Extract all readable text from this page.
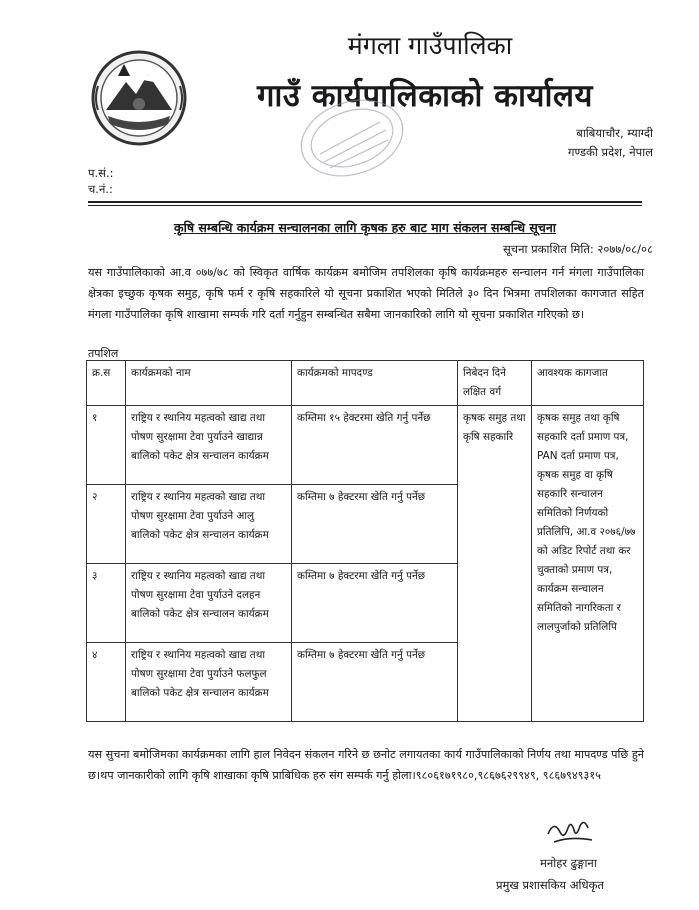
मंगला गाउँपालिका
गाउँ कार्यपालिकाको कार्यालय
बाबियाचौर, म्याग्दी
गण्डकी प्रदेश, नेपाल
प.सं.:
च.नं.:
कृषि सम्बन्धि कार्यक्रम सन्चालनका लागि कृषक हरु बाट माग संकलन सम्बन्धि सूचना
सूचना प्रकाशित मिति: २०७७/०८/०८
यस गाउँपालिकाको आ.व ०७७/७८ को स्विकृत वार्षिक कार्यक्रम बमोजिम तपशिलका कृषि कार्यक्रमहरु सन्चालन गर्न मंगला गाउँपालिका क्षेत्रका इच्छुक कृषक समुह, कृषि फर्म र कृषि सहकारिले यो सूचना प्रकाशित भएको मितिले ३० दिन भित्रमा तपशिलका कागजात सहित मंगला गाउँपालिका कृषि शाखामा सम्पर्क गरि दर्ता गर्नुहुन सम्बन्धित सबैमा जानकारिको लागि यो सूचना प्रकाशित गरिएको छ।
तपशिल
क्र.स	कार्यक्रमको नाम	कार्यक्रमको मापदण्ड	निबेदन दिने लक्षित वर्ग	आवश्यक कागजात
१	राष्ट्रिय र स्थानिय महत्वको खाद्य तथा पोषण सुरक्षामा टेवा पुर्याउने खाद्यान्न बालिको पकेट क्षेत्र सन्चालन कार्यक्रम	कम्तिमा १५ हेक्टरमा खेति गर्नु पर्नेछ	कृषक समुह तथा कृषि सहकारि	कृषक समुह तथा कृषि सहकारि दर्ता प्रमाण पत्र, PAN दर्ता प्रमाण पत्र, कृषक समुह वा कृषि सहकारि सन्चालन समितिको निर्णयको प्रतिलिपि, आ.व २०७६/७७ को अडिट रिपोर्ट तथा कर चुक्ताको प्रमाण पत्र, कार्यक्रम सन्चालन समितिको नागरिकता र लालपुर्जाको प्रतिलिपि
२	राष्ट्रिय र स्थानिय महत्वको खाद्य तथा पोषण सुरक्षामा टेवा पुर्याउने आलु बालिको पकेट क्षेत्र सन्चालन कार्यक्रम	कम्तिमा ७ हेक्टरमा खेति गर्नु पर्नेछ		
३	राष्ट्रिय र स्थानिय महत्वको खाद्य तथा पोषण सुरक्षामा टेवा पुर्याउने दलहन बालिको पकेट क्षेत्र सन्चालन कार्यक्रम	कम्तिमा ७ हेक्टरमा खेति गर्नु पर्नेछ		
४	राष्ट्रिय र स्थानिय महत्वको खाद्य तथा पोषण सुरक्षामा टेवा पुर्याउने फलफुल बालिको पकेट क्षेत्र सन्चालन कार्यक्रम	कम्तिमा ७ हेक्टरमा खेति गर्नु पर्नेछ		
यस सुचना बमोजिमका कार्यक्रमका लागि हाल निवेदन संकलन गरिने छ छनोट लगायतका कार्य गाउँपालिकाको निर्णय तथा मापदण्ड पछि हुने छ।थप जानकारीको लागि कृषि शाखाका कृषि प्राबिधिक हरु संग सम्पर्क गर्नु होला।९८०६१७१९८०,९८६७६२९९४९, ९८६७९४९३१५
मनोहर ढुङ्गाना
प्रमुख प्रशासकिय अधिकृत
